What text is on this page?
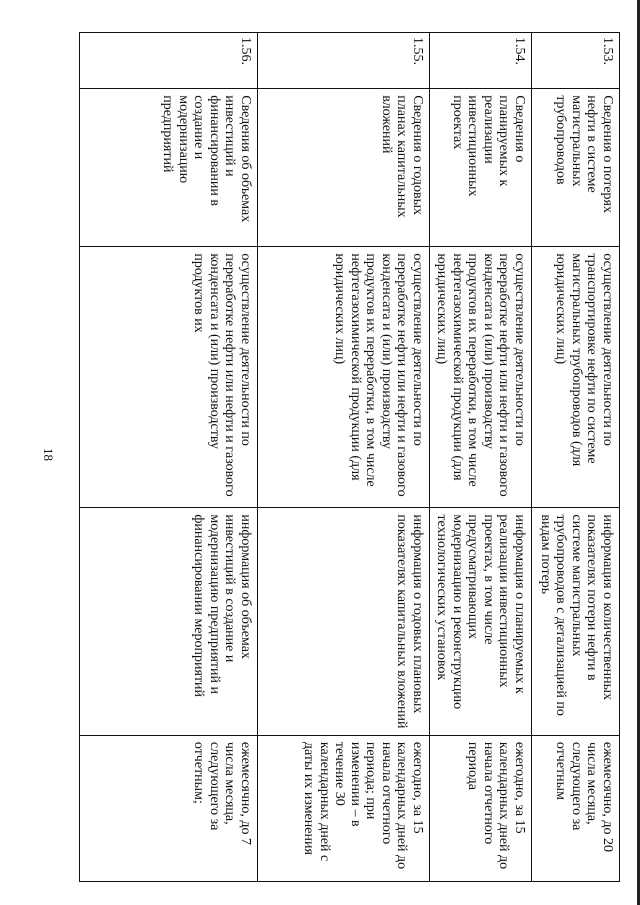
18
1.53.	Сведения о потерях нефти в системе магистральных трубопроводов	осуществление деятельности по транспортировке нефти по системе магистральных трубопроводов (для юридических лиц)	информация о количественных показателях потери нефти в системе магистральных трубопроводов с детализацией по видам потерь	ежемесячно, до 20 числа месяца, следующего за отчетным
1.54.	Сведения о планируемых к реализации инвестиционных проектах	осуществление деятельности по переработке нефти или нефти и газового конденсата и (или) производству продуктов их переработки, в том числе нефтегазохимической продукции (для юридических лиц)	информация о планируемых к реализации инвестиционных проектах, в том числе предусматривающих модернизацию и реконструкцию технологических установок	ежегодно, за 15 календарных дней до начала отчетного периода
1.55.	Сведения о годовых планах капитальных вложений	осуществление деятельности по переработке нефти или нефти и газового конденсата и (или) производству продуктов их переработки, в том числе нефтегазохимической продукции (для юридических лиц)	информация о годовых плановых показателях капитальных вложений	ежегодно, за 15 календарных дней до начала отчетного периода; при изменении – в течение 30 календарных дней с даты их изменения
1.56.	Сведения об объемах инвестиций и финансировании в создание и модернизацию предприятий	осуществление деятельности по переработке нефти или нефти и газового конденсата и (или) производству продуктов их	информация об объемах инвестиций в создание и модернизацию предприятий и финансировании мероприятий	ежемесячно, до 7 числа месяца, следующего за отчетным;
